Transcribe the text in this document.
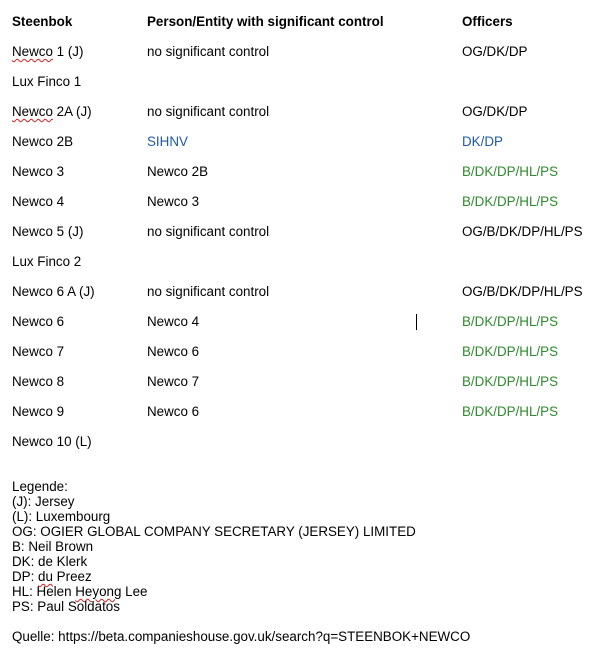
Steenbok	Person/Entity with significant control	Officers
Newco 1 (J)	no significant control	OG/DK/DP
Lux Finco 1
Newco 2A (J)	no significant control	OG/DK/DP
Newco 2B	SIHNV	DK/DP
Newco 3	Newco 2B	B/DK/DP/HL/PS
Newco 4	Newco 3	B/DK/DP/HL/PS
Newco 5 (J)	no significant control	OG/B/DK/DP/HL/PS
Lux Finco 2
Newco 6 A (J)	no significant control	OG/B/DK/DP/HL/PS
Newco 6	Newco 4	B/DK/DP/HL/PS
Newco 7	Newco 6	B/DK/DP/HL/PS
Newco 8	Newco 7	B/DK/DP/HL/PS
Newco 9	Newco 6	B/DK/DP/HL/PS
Newco 10 (L)
Legende:
(J): Jersey
(L): Luxembourg
OG: OGIER GLOBAL COMPANY SECRETARY (JERSEY) LIMITED
B: Neil Brown
DK: de Klerk
DP: du Preez
HL: Helen Heyong Lee
PS: Paul Soldatos
Quelle: https://beta.companieshouse.gov.uk/search?q=STEENBOK+NEWCO
